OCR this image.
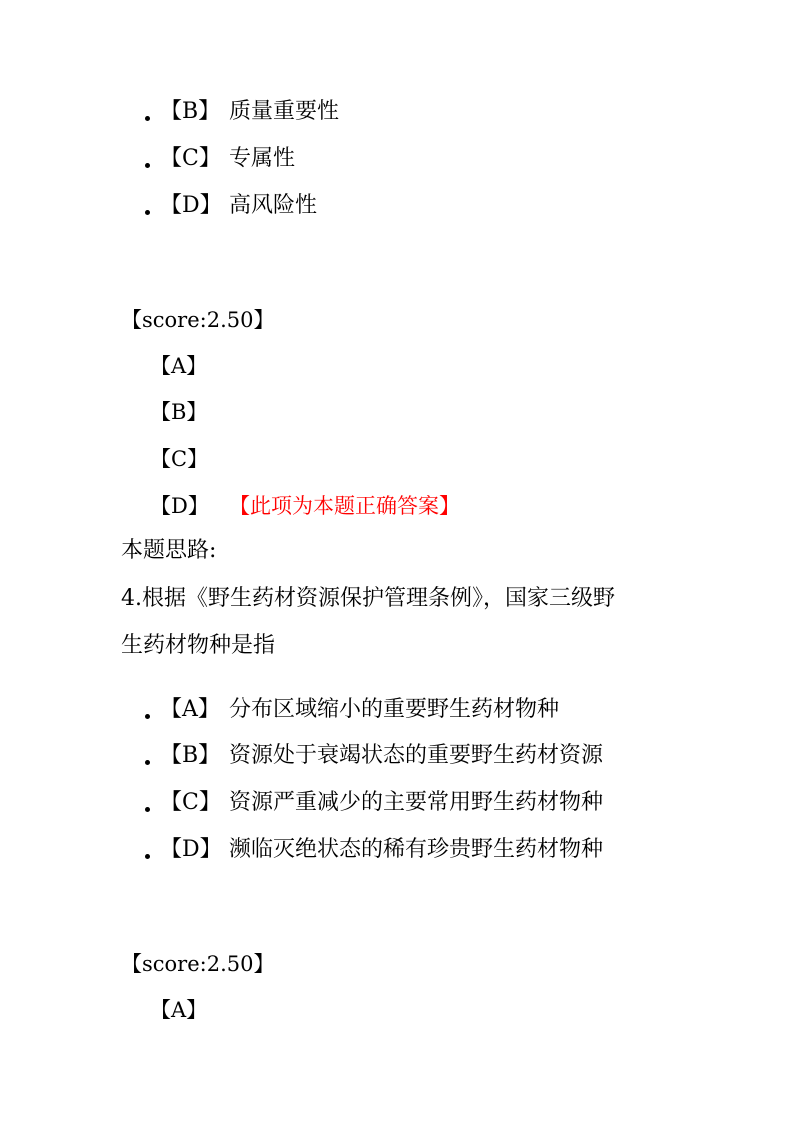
【B】 质量重要性
【C】 专属性
【D】 高风险性
【score:2.50】
【A】
【B】
【C】
【D】 【此项为本题正确答案】
本题思路:
4.根据《野生药材资源保护管理条例》，国家三级野
生药材物种是指
【A】 分布区域缩小的重要野生药材物种
【B】 资源处于衰竭状态的重要野生药材资源
【C】 资源严重减少的主要常用野生药材物种
【D】 濒临灭绝状态的稀有珍贵野生药材物种
【score:2.50】
【A】
